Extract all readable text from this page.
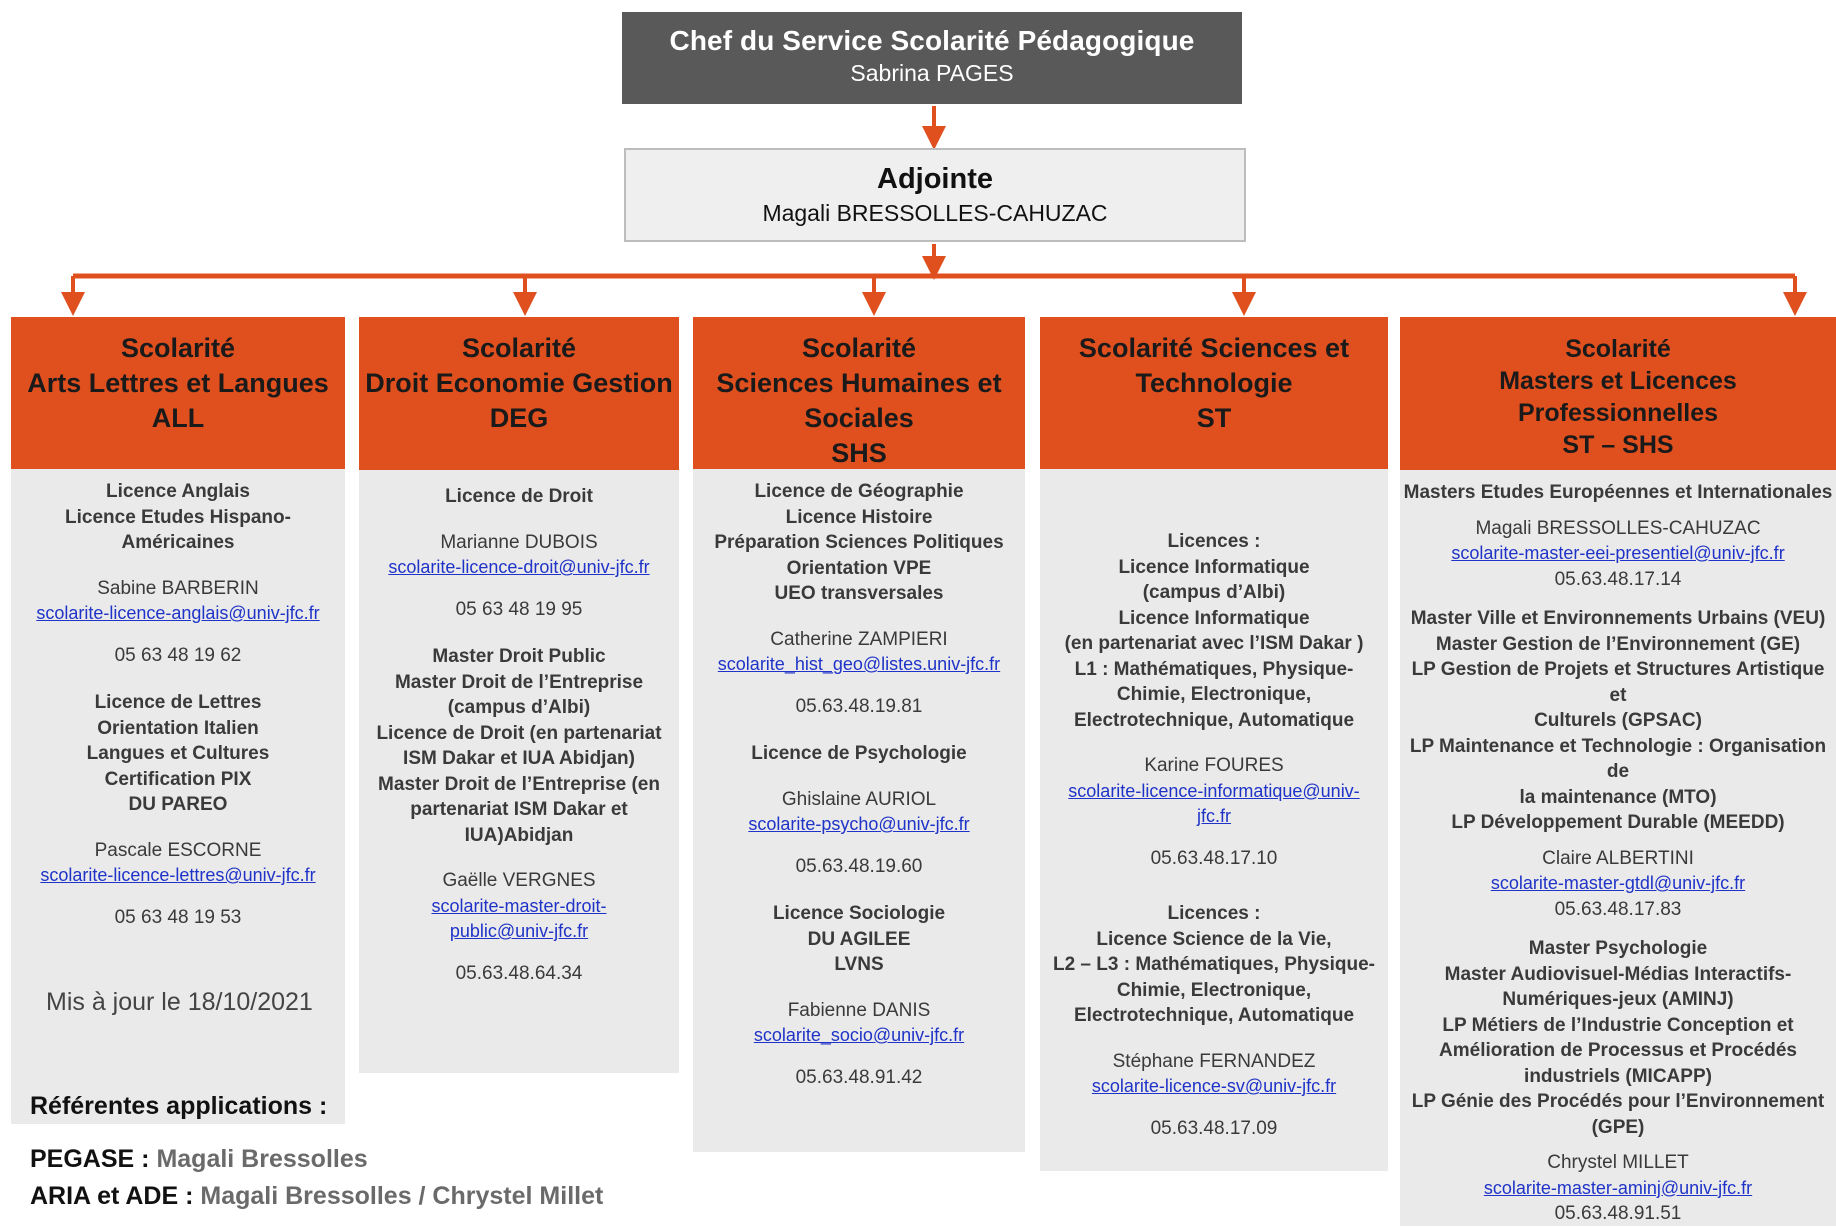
Chef du Service Scolarité Pédagogique
Sabrina PAGES
Adjointe
Magali BRESSOLLES-CAHUZAC
Scolarité
Arts Lettres et Langues
ALL
Licence Anglais
Licence Etudes Hispano-
Américaines
Sabine BARBERIN
scolarite-licence-anglais@univ-jfc.fr
05 63 48 19 62
Licence de Lettres
Orientation Italien
Langues et Cultures
Certification PIX
DU PAREO
Pascale ESCORNE
scolarite-licence-lettres@univ-jfc.fr
05 63 48 19 53
Scolarité
Droit Economie Gestion
DEG
Licence de Droit
Marianne DUBOIS
scolarite-licence-droit@univ-jfc.fr
05 63 48 19 95
Master Droit Public
Master Droit de l’Entreprise
(campus d’Albi)
Licence de Droit (en partenariat
ISM Dakar et IUA Abidjan)
Master Droit de l’Entreprise (en
partenariat ISM Dakar et
IUA)Abidjan
Gaëlle VERGNES
scolarite-master-droit-
public@univ-jfc.fr
05.63.48.64.34
Scolarité
Sciences Humaines et
Sociales
SHS
Licence de Géographie
Licence Histoire
Préparation Sciences Politiques
Orientation VPE
UEO transversales
Catherine ZAMPIERI
scolarite_hist_geo@listes.univ-jfc.fr
05.63.48.19.81
Licence de Psychologie
Ghislaine AURIOL
scolarite-psycho@univ-jfc.fr
05.63.48.19.60
Licence Sociologie
DU AGILEE
LVNS
Fabienne DANIS
scolarite_socio@univ-jfc.fr
05.63.48.91.42
Scolarité Sciences et
Technologie
ST
Licences :
Licence Informatique
(campus d’Albi)
Licence Informatique
(en partenariat avec l’ISM Dakar )
L1 : Mathématiques, Physique-
Chimie, Electronique,
Electrotechnique, Automatique
Karine FOURES
scolarite-licence-informatique@univ-
jfc.fr
05.63.48.17.10
Licences :
Licence Science de la Vie,
L2 – L3 : Mathématiques, Physique-
Chimie, Electronique,
Electrotechnique, Automatique
Stéphane FERNANDEZ
scolarite-licence-sv@univ-jfc.fr
05.63.48.17.09
Scolarité
Masters et Licences Professionnelles
ST – SHS
Masters Etudes Européennes et Internationales
Magali BRESSOLLES-CAHUZAC
scolarite-master-eei-presentiel@univ-jfc.fr
05.63.48.17.14
Master Ville et Environnements Urbains (VEU)
Master Gestion de l’Environnement (GE)
LP Gestion de Projets et Structures Artistique et
Culturels (GPSAC)
LP Maintenance et Technologie : Organisation de
la maintenance (MTO)
LP Développement Durable (MEEDD)
Claire ALBERTINI
scolarite-master-gtdl@univ-jfc.fr
05.63.48.17.83
Master Psychologie
Master Audiovisuel-Médias Interactifs-
Numériques-jeux (AMINJ)
LP Métiers de l’Industrie Conception et
Amélioration de Processus et Procédés
industriels (MICAPP)
LP Génie des Procédés pour l’Environnement
(GPE)
Chrystel MILLET
scolarite-master-aminj@univ-jfc.fr
05.63.48.91.51
Mis à jour le 18/10/2021
Référentes applications :
PEGASE : Magali Bressolles
ARIA et ADE : Magali Bressolles / Chrystel Millet
